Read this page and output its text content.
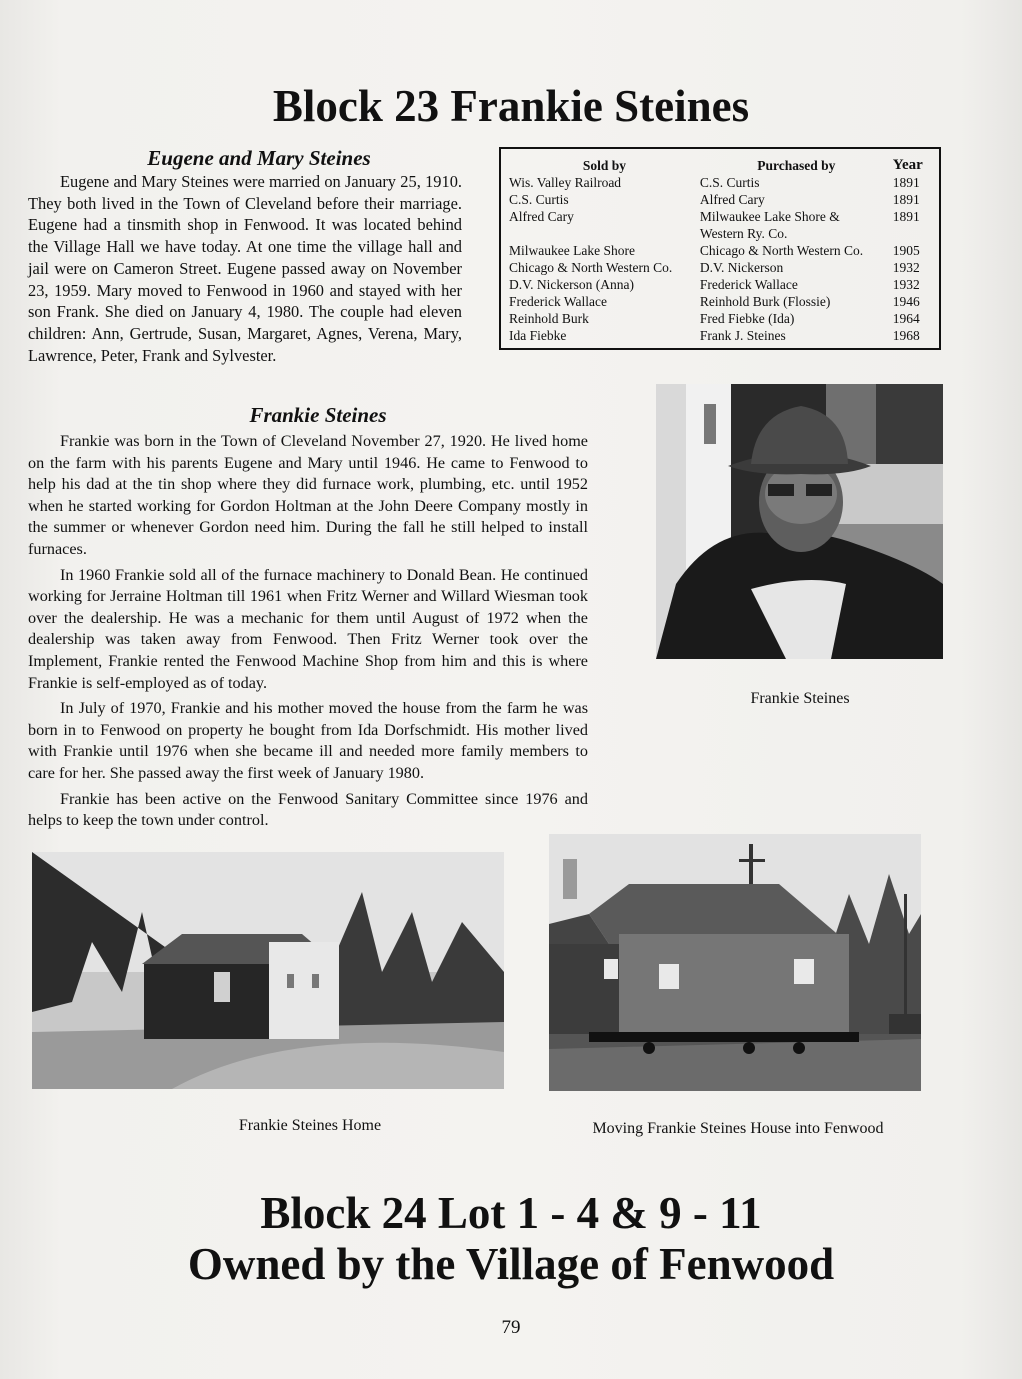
Block 23 Frankie Steines
Eugene and Mary Steines

Eugene and Mary Steines were married on January 25, 1910. They both lived in the Town of Cleveland before their marriage. Eugene had a tinsmith shop in Fenwood. It was located behind the Village Hall we have today. At one time the village hall and jail were on Cameron Street. Eugene passed away on November 23, 1959. Mary moved to Fenwood in 1960 and stayed with her son Frank. She died on January 4, 1980. The couple had eleven children: Ann, Gertrude, Susan, Margaret, Agnes, Verena, Mary, Lawrence, Peter, Frank and Sylvester.

Frankie Steines

Frankie was born in the Town of Cleveland November 27, 1920. He lived home on the farm with his parents Eugene and Mary until 1946. He came to Fenwood to help his dad at the tin shop where they did furnace work, plumbing, etc. until 1952 when he started working for Gordon Holtman at the John Deere Company mostly in the summer or whenever Gordon need him. During the fall he still helped to install furnaces.

In 1960 Frankie sold all of the furnace machinery to Donald Bean. He continued working for Jerraine Holtman till 1961 when Fritz Werner and Willard Wiesman took over the dealership. He was a mechanic for them until August of 1972 when the dealership was taken away from Fenwood. Then Fritz Werner took over the Implement, Frankie rented the Fenwood Machine Shop from him and this is where Frankie is self-employed as of today.

In July of 1970, Frankie and his mother moved the house from the farm he was born in to Fenwood on property he bought from Ida Dorfschmidt. His mother lived with Frankie until 1976 when she became ill and needed more family members to care for her. She passed away the first week of January 1980.

Frankie has been active on the Fenwood Sanitary Committee since 1976 and helps to keep the town under control.

Sold by	Purchased by	Year
Wis. Valley Railroad	C.S. Curtis	1891
C.S. Curtis	Alfred Cary	1891
Alfred Cary	Milwaukee Lake Shore &	1891
	Western Ry. Co.	
Milwaukee Lake Shore	Chicago & North Western Co.	1905
Chicago & North Western Co.	D.V. Nickerson	1932
D.V. Nickerson (Anna)	Frederick Wallace	1932
Frederick Wallace	Reinhold Burk (Flossie)	1946
Reinhold Burk	Fred Fiebke (Ida)	1964
Ida Fiebke	Frank J. Steines	1968

Frankie Steines

Frankie Steines Home	Moving Frankie Steines House into Fenwood

Block 24 Lot 1 - 4 & 9 - 11
Owned by the Village of Fenwood

79
